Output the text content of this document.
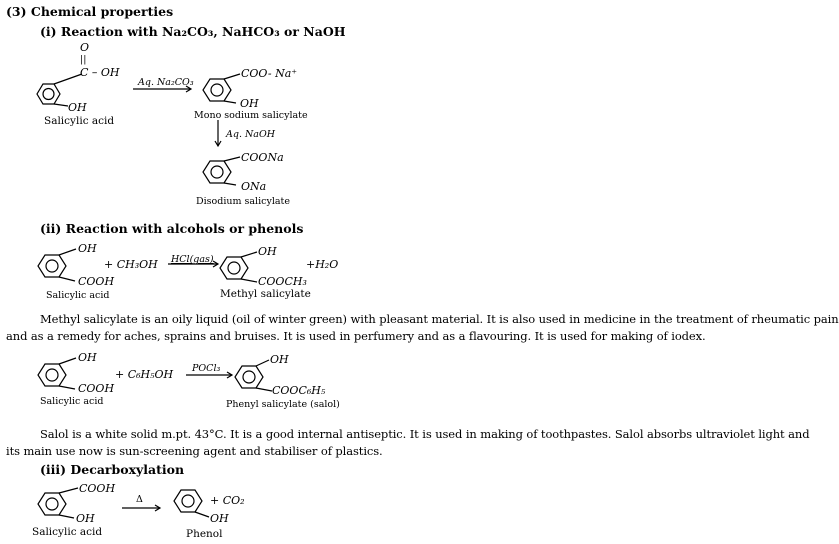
(3) Chemical properties
(i) Reaction with Na₂CO₃, NaHCO₃ or NaOH
O
||
C – OH
OH
Salicylic acid
Aq. Na₂CO₃
COO- Na⁺
OH
Mono sodium salicylate
Aq. NaOH
COONa
ONa
Disodium salicylate
(ii) Reaction with alcohols or phenols
OH
COOH
Salicylic acid
+ CH₃OH HCl(gas)
OH
COOCH₃
Methyl salicylate
+H₂O
Methyl salicylate is an oily liquid (oil of winter green) with pleasant material. It is also used in medicine in the treatment of rheumatic pain
and as a remedy for aches, sprains and bruises. It is used in perfumery and as a flavouring. It is used for making of iodex.
OH
COOH
Salicylic acid
+ C₆H₅OH POCl₃
OH
COOC₆H₅
Phenyl salicylate (salol)
Salol is a white solid m.pt. 43°C. It is a good internal antiseptic. It is used in making of toothpastes. Salol absorbs ultraviolet light and
its main use now is sun-screening agent and stabiliser of plastics.
(iii) Decarboxylation
COOH
OH
Salicylic acid
Δ	+ CO₂
OH
Phenol
